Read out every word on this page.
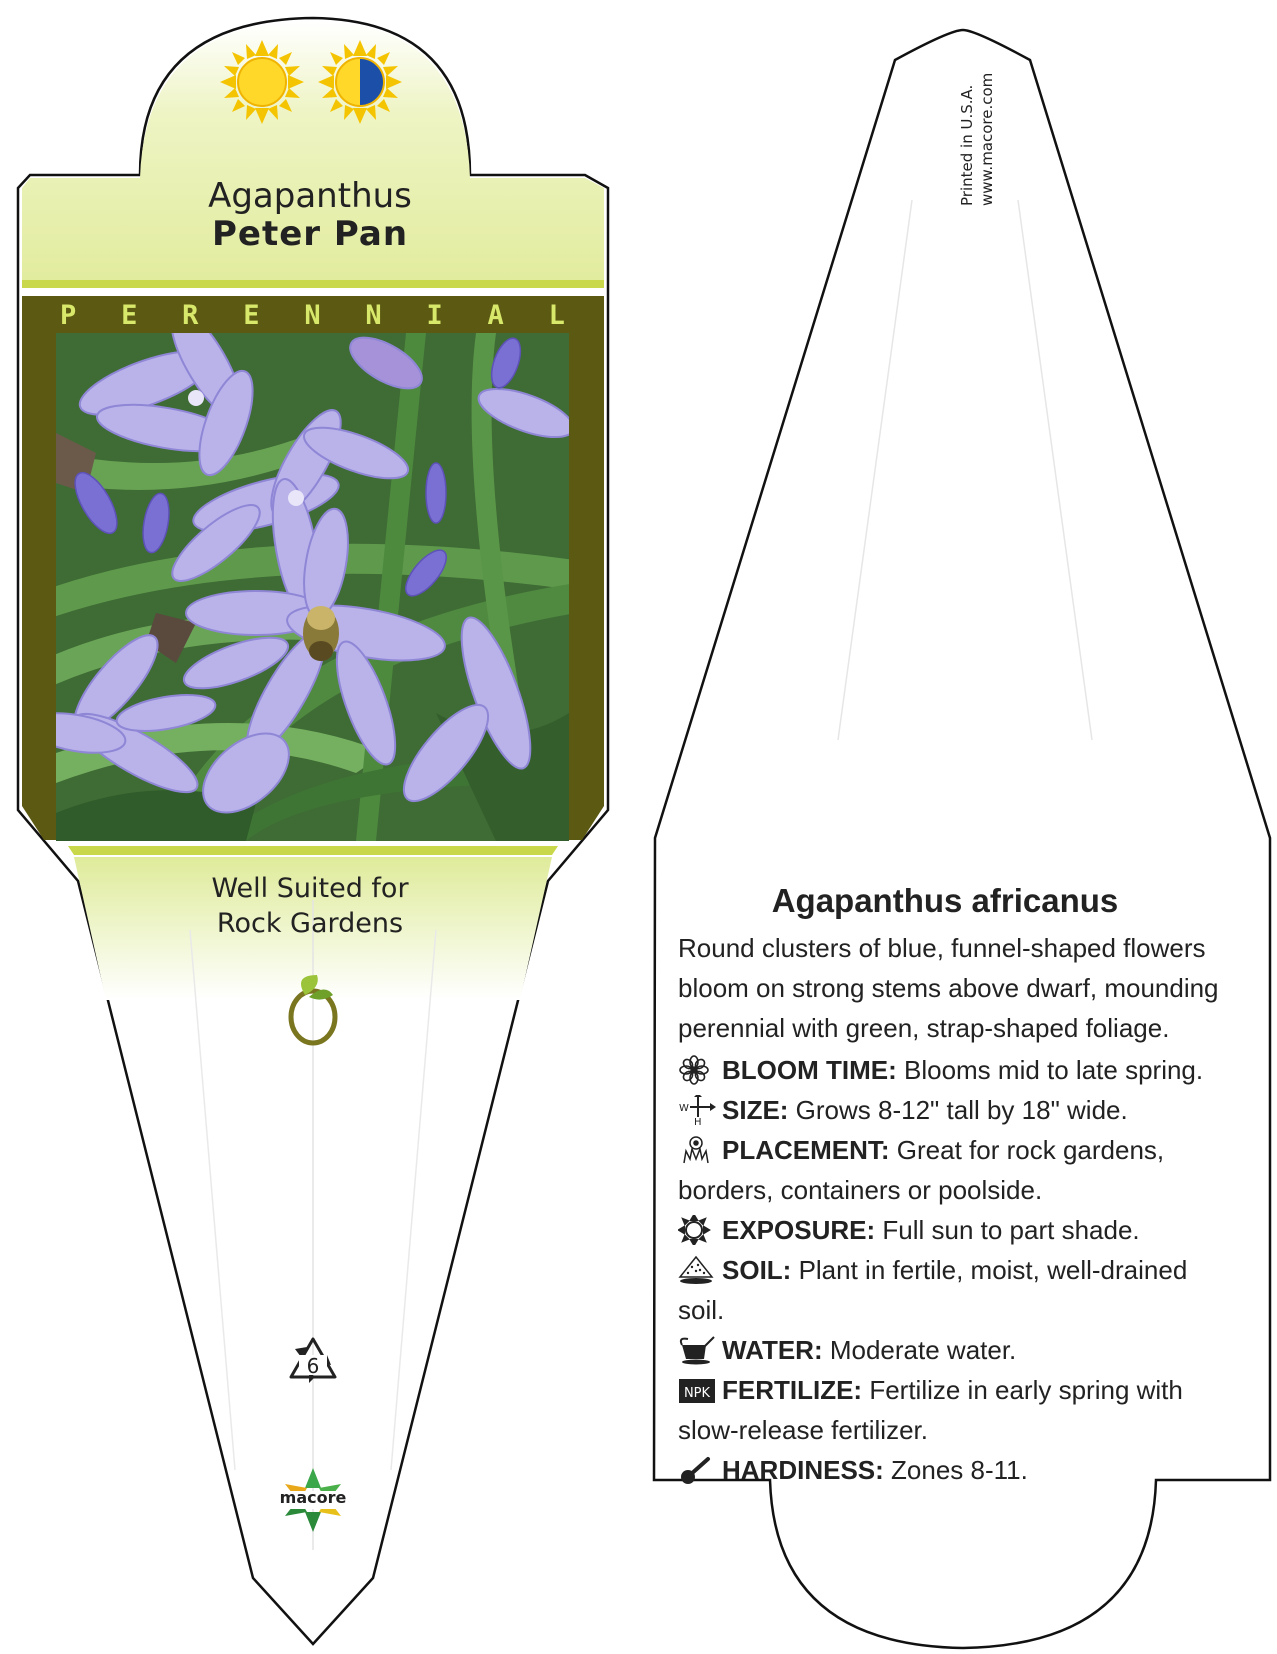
Agapanthus
Peter Pan
P E R E N N I A L
Well Suited for
Rock Gardens
6
macore
Printed in U.S.A. www.macore.com
Agapanthus africanus
Round clusters of blue, funnel-shaped flowers bloom on strong stems above dwarf, mounding perennial with green, strap-shaped foliage.
BLOOM TIME: Blooms mid to late spring.
W
H SIZE: Grows 8-12" tall by 18" wide.
PLACEMENT: Great for rock gardens, borders, containers or poolside.
EXPOSURE: Full sun to part shade.
SOIL: Plant in fertile, moist, well-drained soil.
WATER: Moderate water.
NPK FERTILIZE: Fertilize in early spring with slow-release fertilizer.
HARDINESS: Zones 8-11.
